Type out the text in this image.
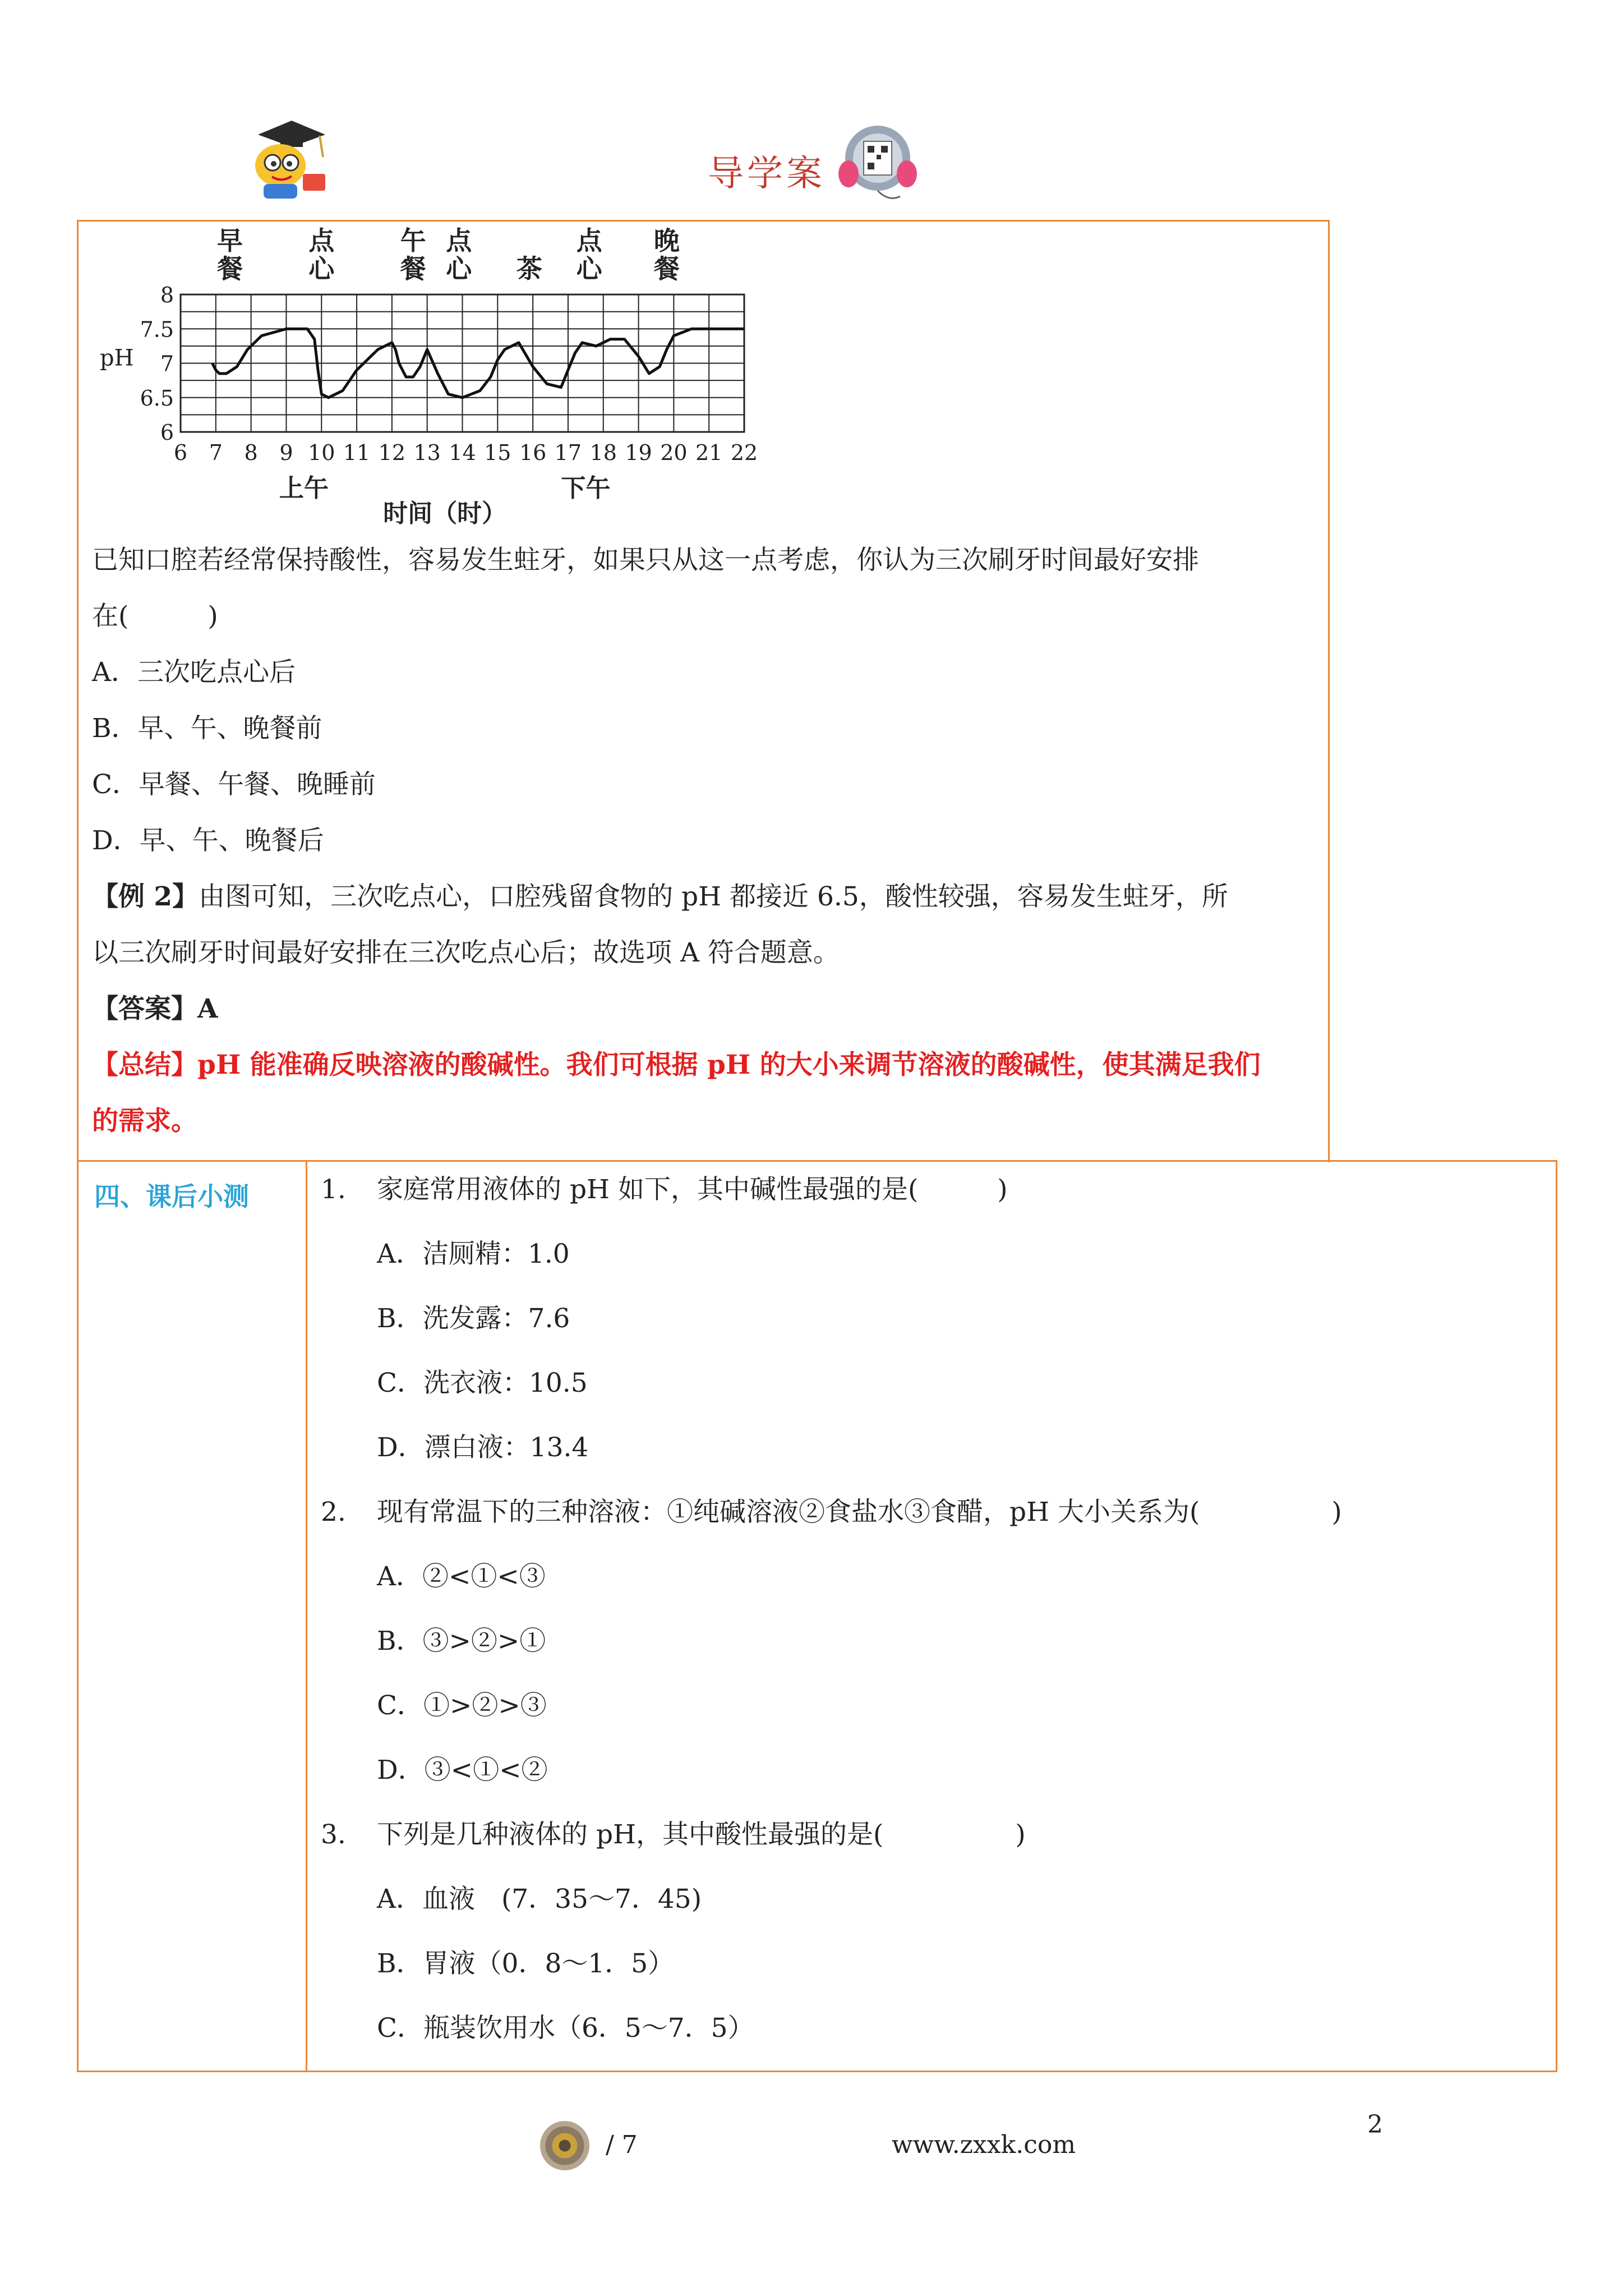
导学案
8
7.5
7
6.5
6
pH
6 7 8 9 10 11 12 13 14 15 16 17 18 19 20 21 22
上午	下午
时间（时）
早
餐
点
心
午
餐
点
心 茶
点
心
晚
餐
已知口腔若经常保持酸性，容易发生蛀牙，如果只从这一点考虑，你认为三次刷牙时间最好安排
在(　　　)
A．三次吃点心后
B．早、午、晚餐前
C．早餐、午餐、晚睡前
D．早、午、晚餐后
【例 2】由图可知，三次吃点心，口腔残留食物的 pH 都接近 6.5，酸性较强，容易发生蛀牙，所
以三次刷牙时间最好安排在三次吃点心后；故选项 A 符合题意。
【答案】A
【总结】pH 能准确反映溶液的酸碱性。我们可根据 pH 的大小来调节溶液的酸碱性，使其满足我们
的需求。
四、课后小测	1. 家庭常用液体的 pH 如下，其中碱性最强的是(　　　)
A．洁厕精：1.0
B．洗发露：7.6
C．洗衣液：10.5
D．漂白液：13.4
2. 现有常温下的三种溶液：①纯碱溶液②食盐水③食醋，pH 大小关系为(　　　　　)
A．②<①<③
B．③>②>①
C．①>②>③
D．③<①<②
3. 下列是几种液体的 pH，其中酸性最强的是(　　　　　)
A．血液　(7．35～7．45)
B．胃液（0．8～1．5）
C．瓶装饮用水（6．5～7．5）
/ 7	www.zxxk.com
2
